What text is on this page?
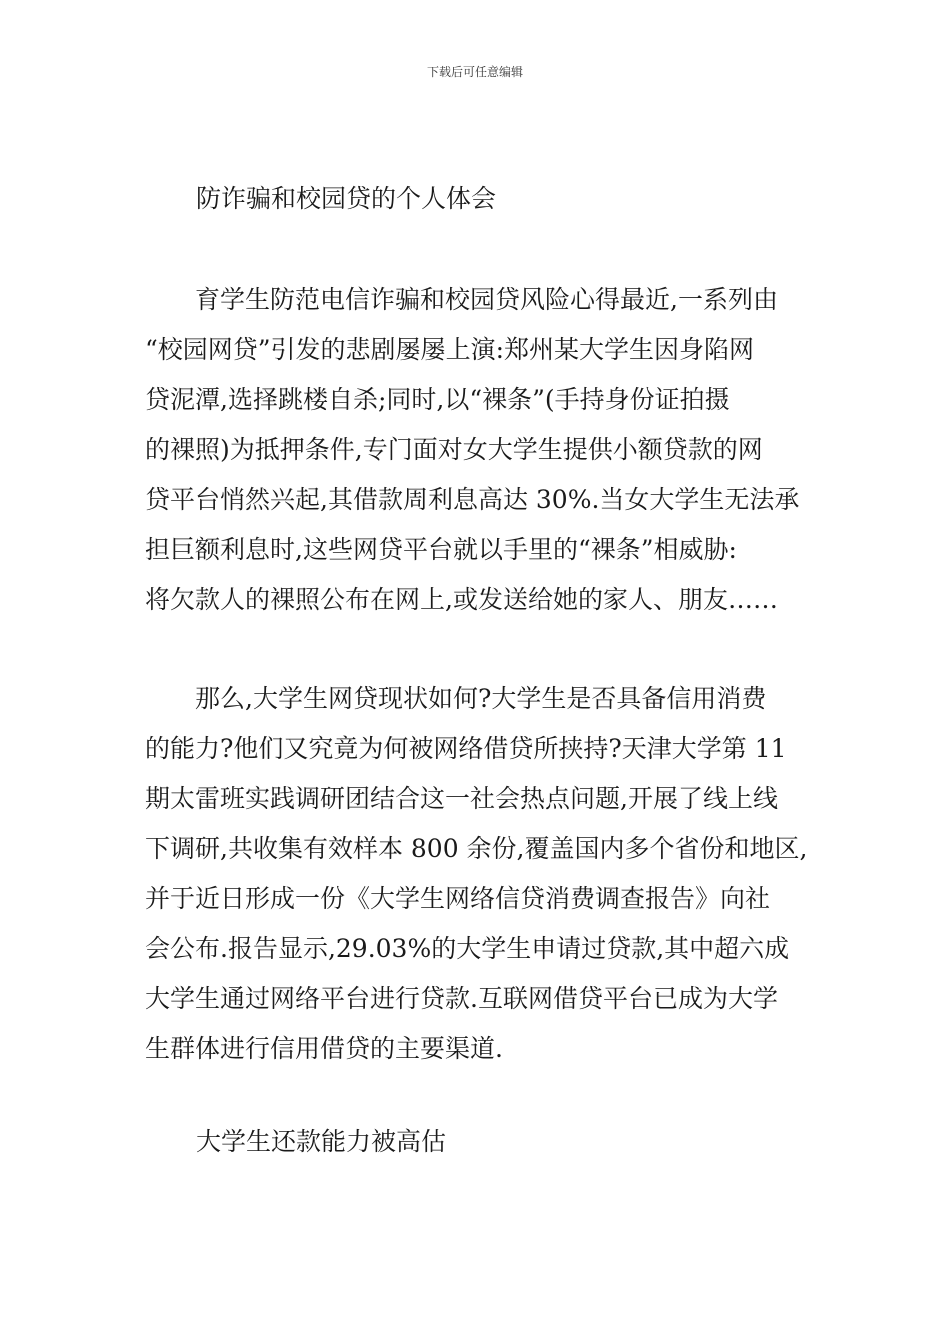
下载后可任意编辑
防诈骗和校园贷的个人体会
　　育学生防范电信诈骗和校园贷风险心得最近,一系列由
“校园网贷”引发的悲剧屡屡上演:郑州某大学生因身陷网
贷泥潭,选择跳楼自杀;同时,以“裸条”(手持身份证拍摄
的裸照)为抵押条件,专门面对女大学生提供小额贷款的网
贷平台悄然兴起,其借款周利息高达 30%.当女大学生无法承
担巨额利息时,这些网贷平台就以手里的“裸条”相威胁:
将欠款人的裸照公布在网上,或发送给她的家人、朋友……
　　那么,大学生网贷现状如何?大学生是否具备信用消费
的能力?他们又究竟为何被网络借贷所挟持?天津大学第 11
期太雷班实践调研团结合这一社会热点问题,开展了线上线
下调研,共收集有效样本 800 余份,覆盖国内多个省份和地区,
并于近日形成一份《大学生网络信贷消费调查报告》向社
会公布.报告显示,29.03%的大学生申请过贷款,其中超六成
大学生通过网络平台进行贷款.互联网借贷平台已成为大学
生群体进行信用借贷的主要渠道.
大学生还款能力被高估
